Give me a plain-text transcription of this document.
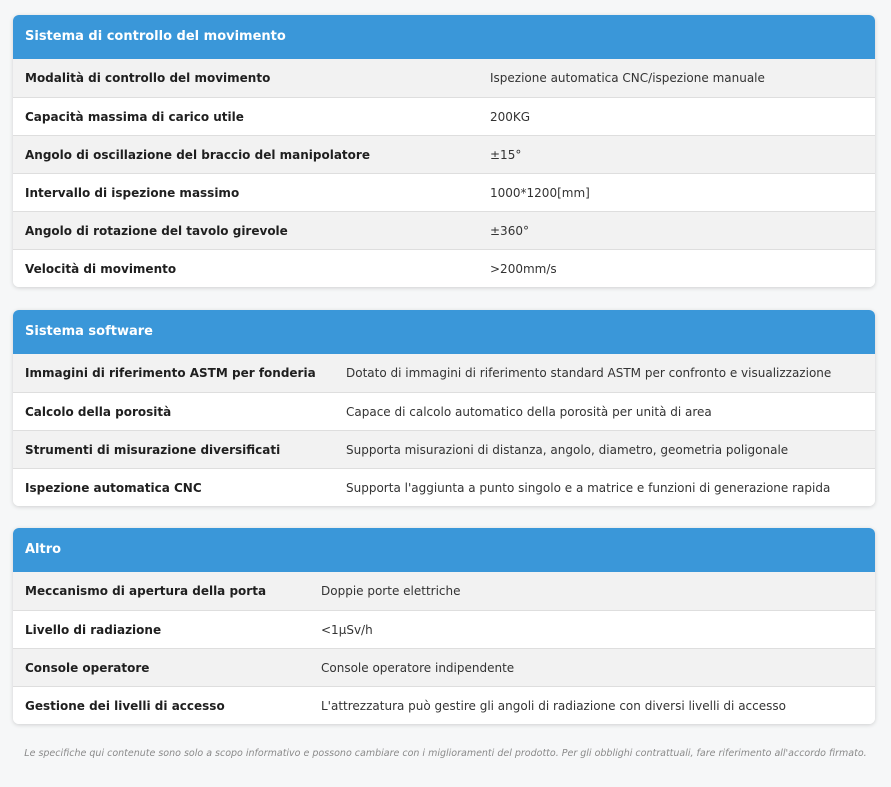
Sistema di controllo del movimento
Modalità di controllo del movimento	Ispezione automatica CNC/ispezione manuale
Capacità massima di carico utile	200KG
Angolo di oscillazione del braccio del manipolatore	±15°
Intervallo di ispezione massimo	1000*1200[mm]
Angolo di rotazione del tavolo girevole	±360°
Velocità di movimento	>200mm/s
Sistema software
Immagini di riferimento ASTM per fonderia	Dotato di immagini di riferimento standard ASTM per confronto e visualizzazione
Calcolo della porosità	Capace di calcolo automatico della porosità per unità di area
Strumenti di misurazione diversificati	Supporta misurazioni di distanza, angolo, diametro, geometria poligonale
Ispezione automatica CNC	Supporta l'aggiunta a punto singolo e a matrice e funzioni di generazione rapida
Altro
Meccanismo di apertura della porta	Doppie porte elettriche
Livello di radiazione	<1μSv/h
Console operatore	Console operatore indipendente
Gestione dei livelli di accesso	L'attrezzatura può gestire gli angoli di radiazione con diversi livelli di accesso
Le specifiche qui contenute sono solo a scopo informativo e possono cambiare con i miglioramenti del prodotto. Per gli obblighi contrattuali, fare riferimento all'accordo firmato.
